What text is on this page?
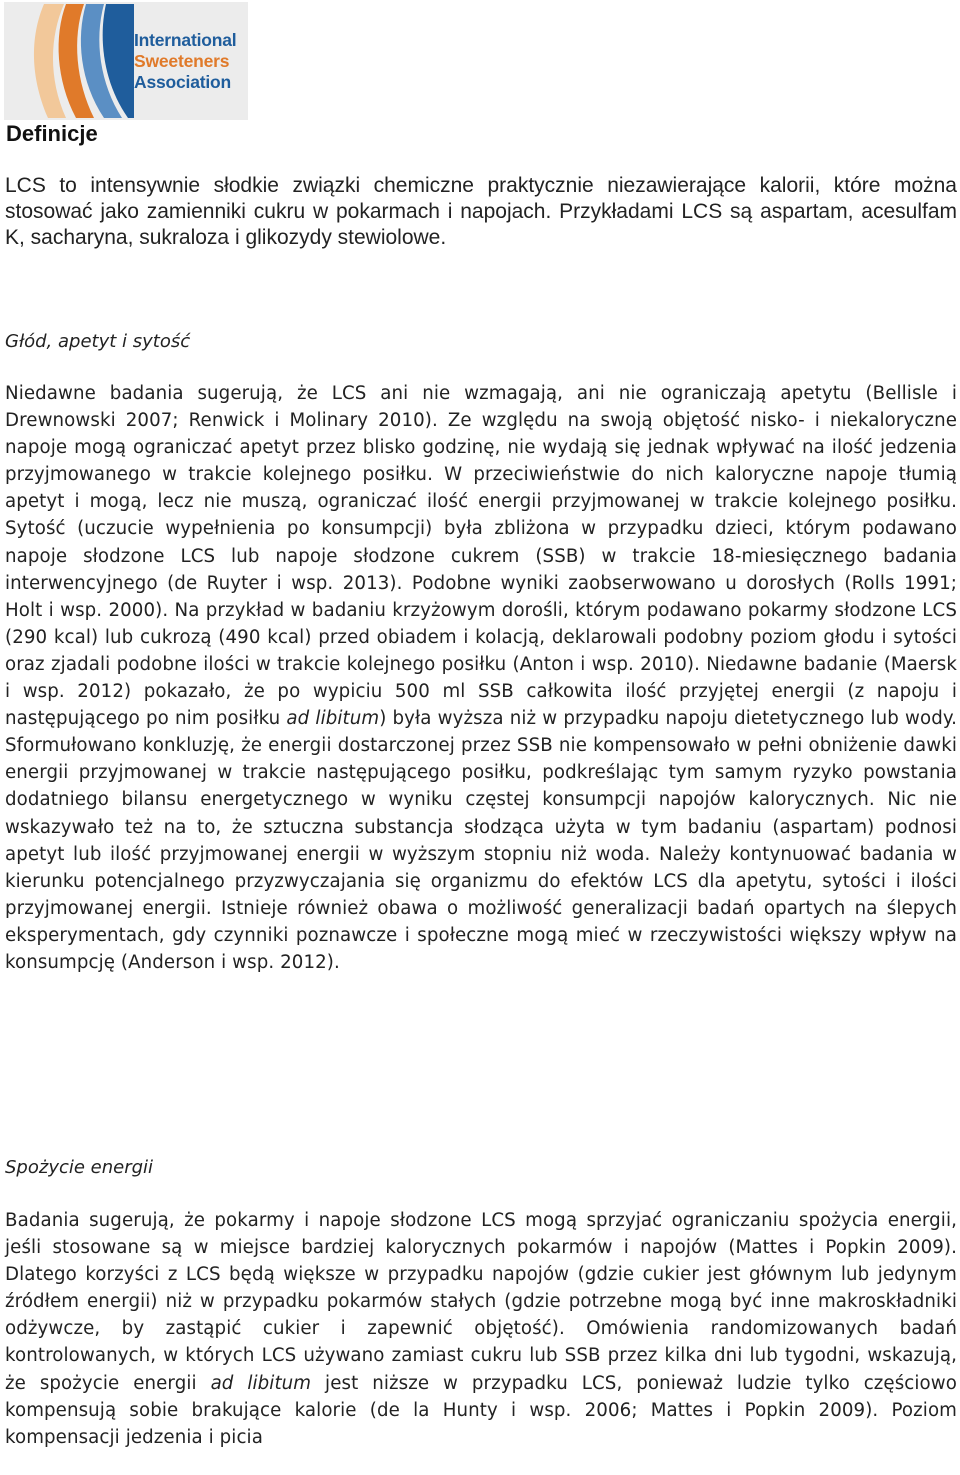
International
Sweeteners
Association
Definicje
LCS to intensywnie słodkie związki chemiczne praktycznie niezawierające kalorii, które można stosować jako zamienniki cukru w pokarmach i napojach. Przykładami LCS są aspartam, acesulfam K, sacharyna, sukraloza i glikozydy stewiolowe.
Głód, apetyt i sytość
Niedawne badania sugerują, że LCS ani nie wzmagają, ani nie ograniczają apetytu (Bellisle i Drewnowski 2007; Renwick i Molinary 2010). Ze względu na swoją objętość nisko- i niekaloryczne napoje mogą ograniczać apetyt przez blisko godzinę, nie wydają się jednak wpływać na ilość jedzenia przyjmowanego w trakcie kolejnego posiłku. W przeciwieństwie do nich kaloryczne napoje tłumią apetyt i mogą, lecz nie muszą, ograniczać ilość energii przyjmowanej w trakcie kolejnego posiłku. Sytość (uczucie wypełnienia po konsumpcji) była zbliżona w przypadku dzieci, którym podawano napoje słodzone LCS lub napoje słodzone cukrem (SSB) w trakcie 18-miesięcznego badania interwencyjnego (de Ruyter i wsp. 2013). Podobne wyniki zaobserwowano u dorosłych (Rolls 1991; Holt i wsp. 2000). Na przykład w badaniu krzyżowym dorośli, którym podawano pokarmy słodzone LCS (290 kcal) lub cukrozą (490 kcal) przed obiadem i kolacją, deklarowali podobny poziom głodu i sytości oraz zjadali podobne ilości w trakcie kolejnego posiłku (Anton i wsp. 2010). Niedawne badanie (Maersk i wsp. 2012) pokazało, że po wypiciu 500 ml SSB całkowita ilość przyjętej energii (z napoju i następującego po nim posiłku ad libitum) była wyższa niż w przypadku napoju dietetycznego lub wody. Sformułowano konkluzję, że energii dostarczonej przez SSB nie kompensowało w pełni obniżenie dawki energii przyjmowanej w trakcie następującego posiłku, podkreślając tym samym ryzyko powstania dodatniego bilansu energetycznego w wyniku częstej konsumpcji napojów kalorycznych. Nic nie wskazywało też na to, że sztuczna substancja słodząca użyta w tym badaniu (aspartam) podnosi apetyt lub ilość przyjmowanej energii w wyższym stopniu niż woda. Należy kontynuować badania w kierunku potencjalnego przyzwyczajania się organizmu do efektów LCS dla apetytu, sytości i ilości przyjmowanej energii. Istnieje również obawa o możliwość generalizacji badań opartych na ślepych eksperymentach, gdy czynniki poznawcze i społeczne mogą mieć w rzeczywistości większy wpływ na konsumpcję (Anderson i wsp. 2012).
Spożycie energii
Badania sugerują, że pokarmy i napoje słodzone LCS mogą sprzyjać ograniczaniu spożycia energii, jeśli stosowane są w miejsce bardziej kalorycznych pokarmów i napojów (Mattes i Popkin 2009). Dlatego korzyści z LCS będą większe w przypadku napojów (gdzie cukier jest głównym lub jedynym źródłem energii) niż w przypadku pokarmów stałych (gdzie potrzebne mogą być inne makroskładniki odżywcze, by zastąpić cukier i zapewnić objętość). Omówienia randomizowanych badań kontrolowanych, w których LCS używano zamiast cukru lub SSB przez kilka dni lub tygodni, wskazują, że spożycie energii ad libitum jest niższe w przypadku LCS, ponieważ ludzie tylko częściowo kompensują sobie brakujące kalorie (de la Hunty i wsp. 2006; Mattes i Popkin 2009). Poziom kompensacji jedzenia i picia
